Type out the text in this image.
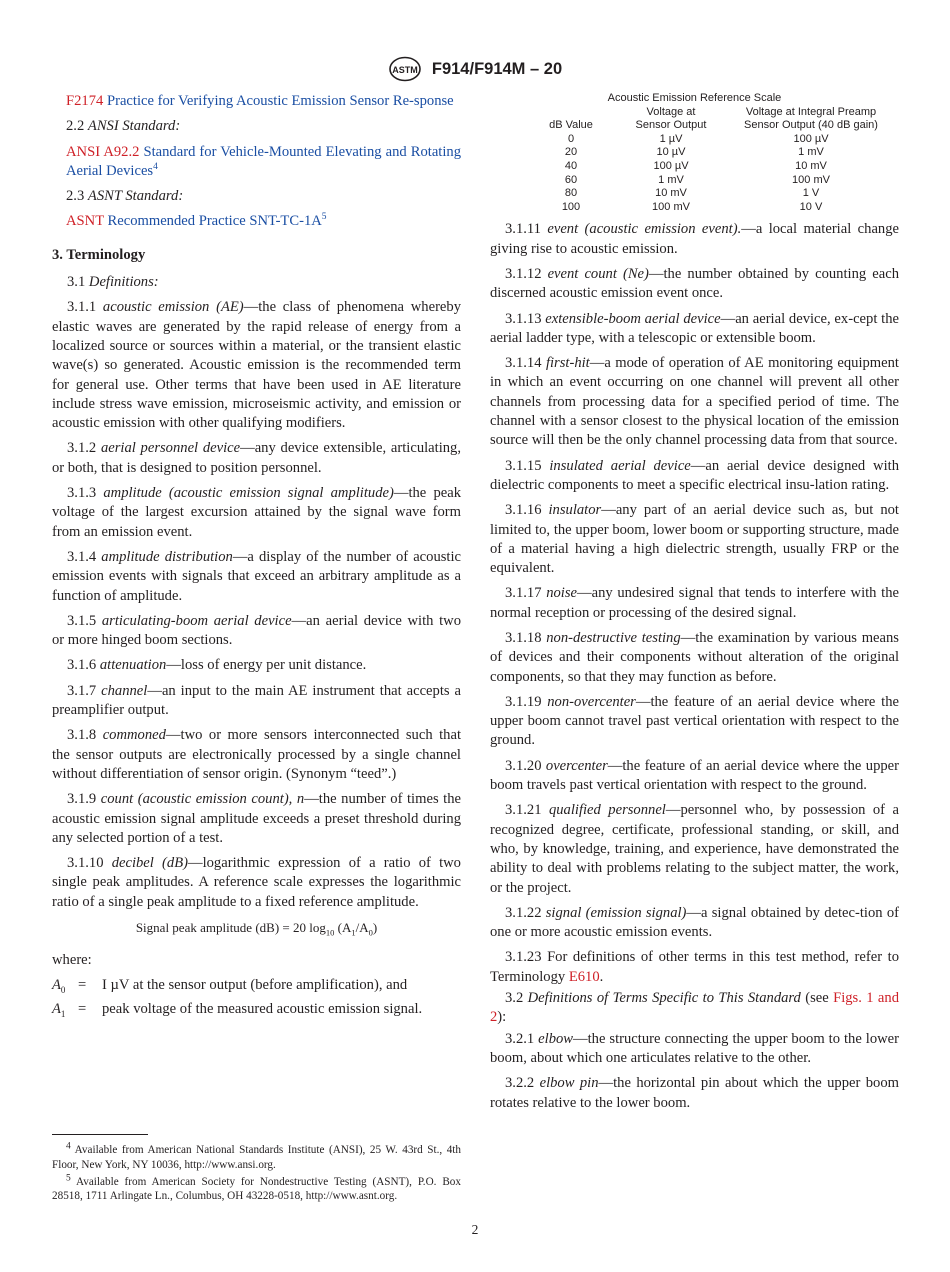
ASTM F914/F914M – 20

F2174 Practice for Verifying Acoustic Emission Sensor Re-sponse

2.2 ANSI Standard:

ANSI A92.2 Standard for Vehicle-Mounted Elevating and Rotating Aerial Devices$^4$

2.3 ASNT Standard:

ASNT Recommended Practice SNT-$TC-1A^5$

3. Terminology

3.1 Definitions:

3.1.1 acoustic emission (AE)—the class of phenomena whereby elastic waves are generated by the rapid release of energy from a localized source or sources within a material, or the transient elastic wave(s) so generated. Acoustic emission is the recommended term for general use. Other terms that have been used in AE literature include stress wave emission, microseismic activity, and emission or acoustic emission with other qualifying modifiers.

3.1.2 aerial personnel device—any device extensible, articulating, or both, that is designed to position personnel.

3.1.3 amplitude (acoustic emission signal amplitude)—the peak voltage of the largest excursion attained by the signal wave form from an emission event.

3.1.4 amplitude distribution—a display of the number of acoustic emission events with signals that exceed an arbitrary amplitude as a function of amplitude.

3.1.5 articulating-boom aerial device—an aerial device with two or more hinged boom sections.

3.1.6 attenuation—loss of energy per unit distance.

3.1.7 channel—an input to the main AE instrument that accepts a preamplifier output.

3.1.8 commoned—two or more sensors interconnected such that the sensor outputs are electronically processed by a single channel without differentiation of sensor origin. (Synonym “teed”.)

3.1.9 count (acoustic emission count), n—the number of times the acoustic emission signal amplitude exceeds a preset threshold during any selected portion of a test.

3.1.10 decibel (dB)—logarithmic expression of a ratio of two single peak amplitudes. A reference scale expresses the logarithmic ratio of a single peak amplitude to a fixed reference amplitude.

Signal peak amplitude (dB) = 20 $\log_{10} (A_1/A_0)$

where:

$A_0$	=	I µV at the sensor output (before amplification), and
$A_1$	=	peak voltage of the measured acoustic emission signal.
Acoustic Emission Reference Scale
	Voltage at	Voltage at Integral Preamp
dB Value	Sensor Output	Sensor Output (40 dB gain)
0	1 µV	100 µV
20	10 µV	1 mV
40	100 µV	10 mV
60	1 mV	100 mV
80	10 mV	1 V
100	100 mV	10 V

3.1.11 event (acoustic emission event).—a local material change giving rise to acoustic emission.

3.1.12 event count (Ne)—the number obtained by counting each discerned acoustic emission event once.

3.1.13 extensible-boom aerial device—an aerial device, ex-cept the aerial ladder type, with a telescopic or extensible boom.

3.1.14 first-hit—a mode of operation of AE monitoring equipment in which an event occurring on one channel will prevent all other channels from processing data for a specified period of time. The channel with a sensor closest to the physical location of the emission source will then be the only channel processing data from that source.

3.1.15 insulated aerial device—an aerial device designed with dielectric components to meet a specific electrical insu-lation rating.

3.1.16 insulator—any part of an aerial device such as, but not limited to, the upper boom, lower boom or supporting structure, made of a material having a high dielectric strength, usually FRP or the equivalent.

3.1.17 noise—any undesired signal that tends to interfere with the normal reception or processing of the desired signal.

3.1.18 non-destructive testing—the examination by various means of devices and their components without alteration of the original components, so that they may function as before.

3.1.19 non-overcenter—the feature of an aerial device where the upper boom cannot travel past vertical orientation with respect to the ground.

3.1.20 overcenter—the feature of an aerial device where the upper boom travels past vertical orientation with respect to the ground.

3.1.21 qualified personnel—personnel who, by possession of a recognized degree, certificate, professional standing, or skill, and who, by knowledge, training, and experience, have demonstrated the ability to deal with problems relating to the subject matter, the work, or the project.

3.1.22 signal (emission signal)—a signal obtained by detec-tion of one or more acoustic emission events.

3.1.23 For definitions of other terms in this test method, refer to Terminology E610.

3.2 Definitions of Terms Specific to This Standard (see Figs. 1 and 2):

3.2.1 elbow—the structure connecting the upper boom to the lower boom, about which one articulates relative to the other.

3.2.2 elbow pin—the horizontal pin about which the upper boom rotates relative to the lower boom.

$^4$ Available from American National Standards Institute (ANSI), 25 W. 43rd St., 4th Floor, New York, NY 10036, http://www.ansi.org.

$^5$ Available from American Society for Nondestructive Testing (ASNT), P.O. Box 28518, 1711 Arlingate Ln., Columbus, OH 43228-0518, http://www.asnt.org.

2
